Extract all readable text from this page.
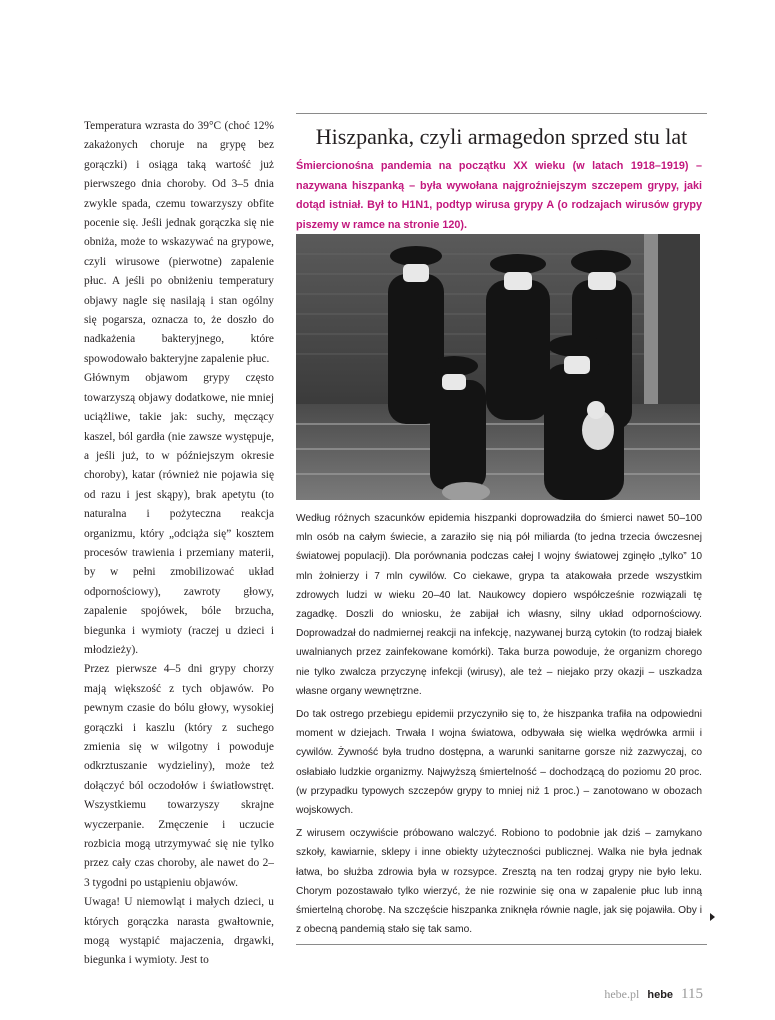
Temperatura wzrasta do 39°C (choć 12% zakażonych choruje na grypę bez gorączki) i osiąga taką wartość już pierwszego dnia choroby. Od 3–5 dnia zwykle spada, czemu towarzyszy obfite pocenie się. Jeśli jednak gorączka się nie obniża, może to wskazywać na grypowe, czyli wirusowe (pierwotne) zapalenie płuc. A jeśli po obniżeniu temperatury objawy nagle się nasilają i stan ogólny się pogarsza, oznacza to, że doszło do nadkażenia bakteryjnego, które spowodowało bakteryjne zapalenie płuc.

Głównym objawom grypy często towarzyszą objawy dodatkowe, nie mniej uciążliwe, takie jak: suchy, męczący kaszel, ból gardła (nie zawsze występuje, a jeśli już, to w późniejszym okresie choroby), katar (również nie pojawia się od razu i jest skąpy), brak apetytu (to naturalna i pożyteczna reakcja organizmu, który „odciąża się” kosztem procesów trawienia i przemiany materii, by w pełni zmobilizować układ odpornościowy), zawroty głowy, zapalenie spojówek, bóle brzucha, biegunka i wymioty (raczej u dzieci i młodzieży).

Przez pierwsze 4–5 dni grypy chorzy mają większość z tych objawów. Po pewnym czasie do bólu głowy, wysokiej gorączki i kaszlu (który z suchego zmienia się w wilgotny i powoduje odkrztuszanie wydzieliny), może też dołączyć ból oczodołów i światłowstręt. Wszystkiemu towarzyszy skrajne wyczerpanie. Zmęczenie i uczucie rozbicia mogą utrzymywać się nie tylko przez cały czas choroby, ale nawet do 2–3 tygodni po ustąpieniu objawów.

Uwaga! U niemowląt i małych dzieci, u których gorączka narasta gwałtownie, mogą wystąpić majaczenia, drgawki, biegunka i wymioty. Jest to

Hiszpanka, czyli armagedon sprzed stu lat

Śmiercionośna pandemia na początku XX wieku (w latach 1918–1919) – nazywana hiszpanką – była wywołana najgroźniejszym szczepem grypy, jaki dotąd istniał. Był to H1N1, podtyp wirusa grypy A (o rodzajach wirusów grypy piszemy w ramce na stronie 120).

Według różnych szacunków epidemia hiszpanki doprowadziła do śmierci nawet 50–100 mln osób na całym świecie, a zaraziło się nią pół miliarda (to jedna trzecia ówczesnej światowej populacji). Dla porównania podczas całej I wojny światowej zginęło „tylko” 10 mln żołnierzy i 7 mln cywilów. Co ciekawe, grypa ta atakowała przede wszystkim zdrowych ludzi w wieku 20–40 lat. Naukowcy dopiero współcześnie rozwiązali tę zagadkę. Doszli do wniosku, że zabijał ich własny, silny układ odpornościowy. Doprowadzał do nadmiernej reakcji na infekcję, nazywanej burzą cytokin (to rodzaj białek uwalnianych przez zainfekowane komórki). Taka burza powoduje, że organizm chorego nie tylko zwalcza przyczynę infekcji (wirusy), ale też – niejako przy okazji – uszkadza własne organy wewnętrzne.

Do tak ostrego przebiegu epidemii przyczyniło się to, że hiszpanka trafiła na odpowiedni moment w dziejach. Trwała I wojna światowa, odbywała się wielka wędrówka armii i cywilów. Żywność była trudno dostępna, a warunki sanitarne gorsze niż zazwyczaj, co osłabiało ludzkie organizmy. Najwyższą śmiertelność – dochodzącą do poziomu 20 proc. (w przypadku typowych szczepów grypy to mniej niż 1 proc.) – zanotowano w obozach wojskowych.

Z wirusem oczywiście próbowano walczyć. Robiono to podobnie jak dziś – zamykano szkoły, kawiarnie, sklepy i inne obiekty użyteczności publicznej. Walka nie była jednak łatwa, bo służba zdrowia była w rozsypce. Zresztą na ten rodzaj grypy nie było leku. Chorym pozostawało tylko wierzyć, że nie rozwinie się ona w zapalenie płuc lub inną śmiertelną chorobę. Na szczęście hiszpanka zniknęła równie nagle, jak się pojawiła. Oby i z obecną pandemią stało się tak samo.

hebe.pl hebe 115
